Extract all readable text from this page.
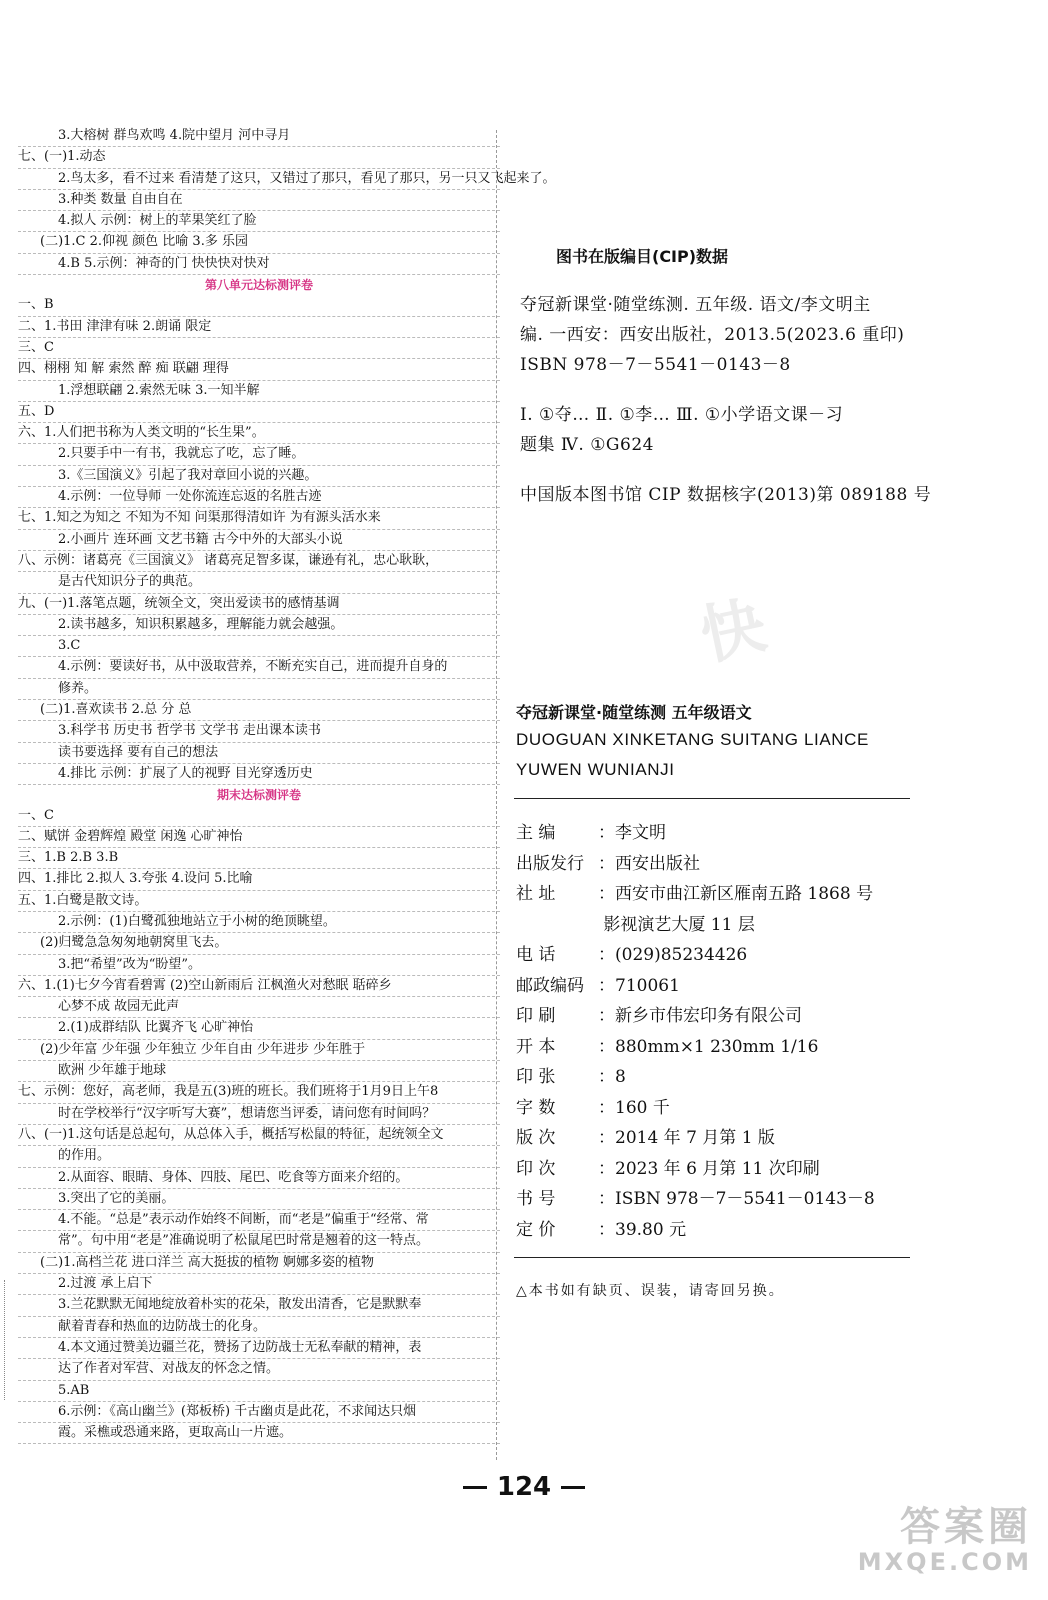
快
3.大榕树 群鸟欢鸣 4.院中望月 河中寻月
七、(一)1.动态
2.鸟太多，看不过来 看清楚了这只，又错过了那只，看见了那只，另一只又飞起来了。
3.种类 数量 自由自在
4.拟人 示例：树上的苹果笑红了脸
(二)1.C 2.仰视 颜色 比喻 3.多 乐园
4.B 5.示例：神奇的门 快快快对快对
第八单元达标测评卷
一、B
二、1.书田 津津有味 2.朗诵 限定
三、C
四、栩栩 知 解 索然 醉 痴 联翩 理得
1.浮想联翩 2.索然无味 3.一知半解
五、D
六、1.人们把书称为人类文明的“长生果”。
2.只要手中一有书，我就忘了吃，忘了睡。
3.《三国演义》引起了我对章回小说的兴趣。
4.示例：一位导师 一处你流连忘返的名胜古迹
七、1.知之为知之 不知为不知 问渠那得清如许 为有源头活水来
2.小画片 连环画 文艺书籍 古今中外的大部头小说
八、示例：诸葛亮《三国演义》 诸葛亮足智多谋，谦逊有礼，忠心耿耿，
是古代知识分子的典范。
九、(一)1.落笔点题，统领全文，突出爱读书的感情基调
2.读书越多，知识积累越多，理解能力就会越强。
3.C
4.示例：要读好书，从中汲取营养，不断充实自己，进而提升自身的
修养。
(二)1.喜欢读书 2.总 分 总
3.科学书 历史书 哲学书 文学书 走出课本读书
读书要选择 要有自己的想法
4.排比 示例：扩展了人的视野 目光穿透历史
期末达标测评卷
一、C
二、赋饼 金碧辉煌 殿堂 闲逸 心旷神怡
三、1.B 2.B 3.B
四、1.排比 2.拟人 3.夸张 4.设问 5.比喻
五、1.白鹭是散文诗。
2.示例：(1)白鹭孤独地站立于小树的绝顶眺望。
(2)归鹭急急匆匆地朝窝里飞去。
3.把“希望”改为“盼望”。
六、1.(1)七夕今宵看碧霄 (2)空山新雨后 江枫渔火对愁眠 聒碎乡
心梦不成 故园无此声
2.(1)成群结队 比翼齐飞 心旷神怡
(2)少年富 少年强 少年独立 少年自由 少年进步 少年胜于
欧洲 少年雄于地球
七、示例：您好，高老师，我是五(3)班的班长。我们班将于1月9日上午8
时在学校举行“汉字听写大赛”，想请您当评委，请问您有时间吗？
八、(一)1.这句话是总起句，从总体入手，概括写松鼠的特征，起统领全文
的作用。
2.从面容、眼睛、身体、四肢、尾巴、吃食等方面来介绍的。
3.突出了它的美丽。
4.不能。“总是”表示动作始终不间断，而“老是”偏重于“经常、常
常”。句中用“老是”准确说明了松鼠尾巴时常是翘着的这一特点。
(二)1.高档兰花 进口洋兰 高大挺拔的植物 婀娜多姿的植物
2.过渡 承上启下
3.兰花默默无闻地绽放着朴实的花朵，散发出清香，它是默默奉
献着青春和热血的边防战士的化身。
4.本文通过赞美边疆兰花，赞扬了边防战士无私奉献的精神，表
达了作者对军营、对战友的怀念之情。
5.AB
6.示例：《高山幽兰》(郑板桥) 千古幽贞是此花，不求闻达只烟
霞。采樵或恐通来路，更取高山一片遮。
图书在版编目(CIP)数据
夺冠新课堂·随堂练测. 五年级. 语文/李文明主
编. 一西安：西安出版社，2013.5(2023.6 重印)
ISBN 978－7－5541－0143－8
Ⅰ. ①夺… Ⅱ. ①李… Ⅲ. ①小学语文课－习
题集 Ⅳ. ①G624
中国版本图书馆 CIP 数据核字(2013)第 089188 号
夺冠新课堂·随堂练测 五年级语文
DUOGUAN XINKETANG SUITANG LIANCE
YUWEN WUNIANJI
主 编	：李文明
出版发行 ：西安出版社
社 址	：西安市曲江新区雁南五路 1868 号
影视演艺大厦 11 层
电 话	：(029)85234426
邮政编码 ：710061
印 刷	：新乡市伟宏印务有限公司
开 本	：880mm×1 230mm 1/16
印 张	：8
字 数	：160 千
版 次	：2014 年 7 月第 1 版
印 次	：2023 年 6 月第 11 次印刷
书 号	：ISBN 978－7－5541－0143－8
定 价	：39.80 元
△本书如有缺页、误装，请寄回另换。
124
答案圈
MXQE.COM
